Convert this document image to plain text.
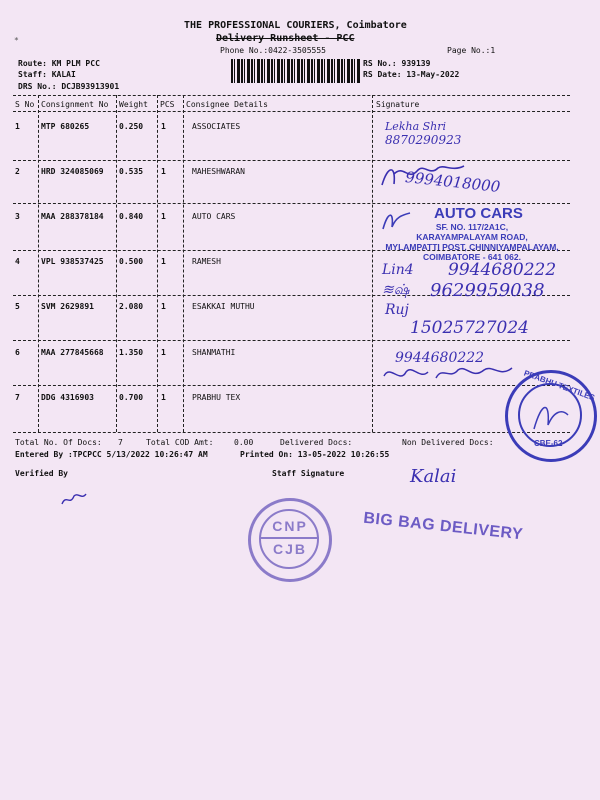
THE PROFESSIONAL COURIERS, Coimbatore
Delivery Runsheet - PCC
Phone No.:0422-3505555	Page No.:1
*
Route: KM PLM PCC
Staff: KALAI
DRS No.: DCJB93913901
RS No.: 939139
RS Date: 13-May-2022
S No Consignment No Weight PCS Consignee Details	Signature
1	MTP 680265	0.250 1	ASSOCIATES
2	HRD 324085069 0.535 1	MAHESHWARAN
3	MAA 288378184 0.840 1	AUTO CARS
4	VPL 938537425 0.500 1	RAMESH
5	SVM 2629891	2.080 1	ESAKKAI MUTHU
6	MAA 277845668 1.350 1	SHANMATHI
7	DDG 4316903	0.700 1	PRABHU TEX
Lekha Shri
8870290923
9994018000
AUTO CARS
SF. NO. 117/2A1C,
KARAYAMPALAYAM ROAD,
MYLAMPATTI POST, CHINNIYAMPALAYAM,
COIMBATORE - 641 062.
Lin4 9944680222
≋ஷ் 9629959038
Ruj
15025727024
9944680222
PRABHU TEXTILES
CBE-62
Total No. Of Docs: 7	Total COD Amt:	0.00	Delivered Docs:	Non Delivered Docs:
Entered By :TPCPCC 5/13/2022 10:26:47 AM	Printed On: 13-05-2022 10:26:55
Verified By	Staff Signature	Kalai
CNP
CJB
BIG BAG DELIVERY
